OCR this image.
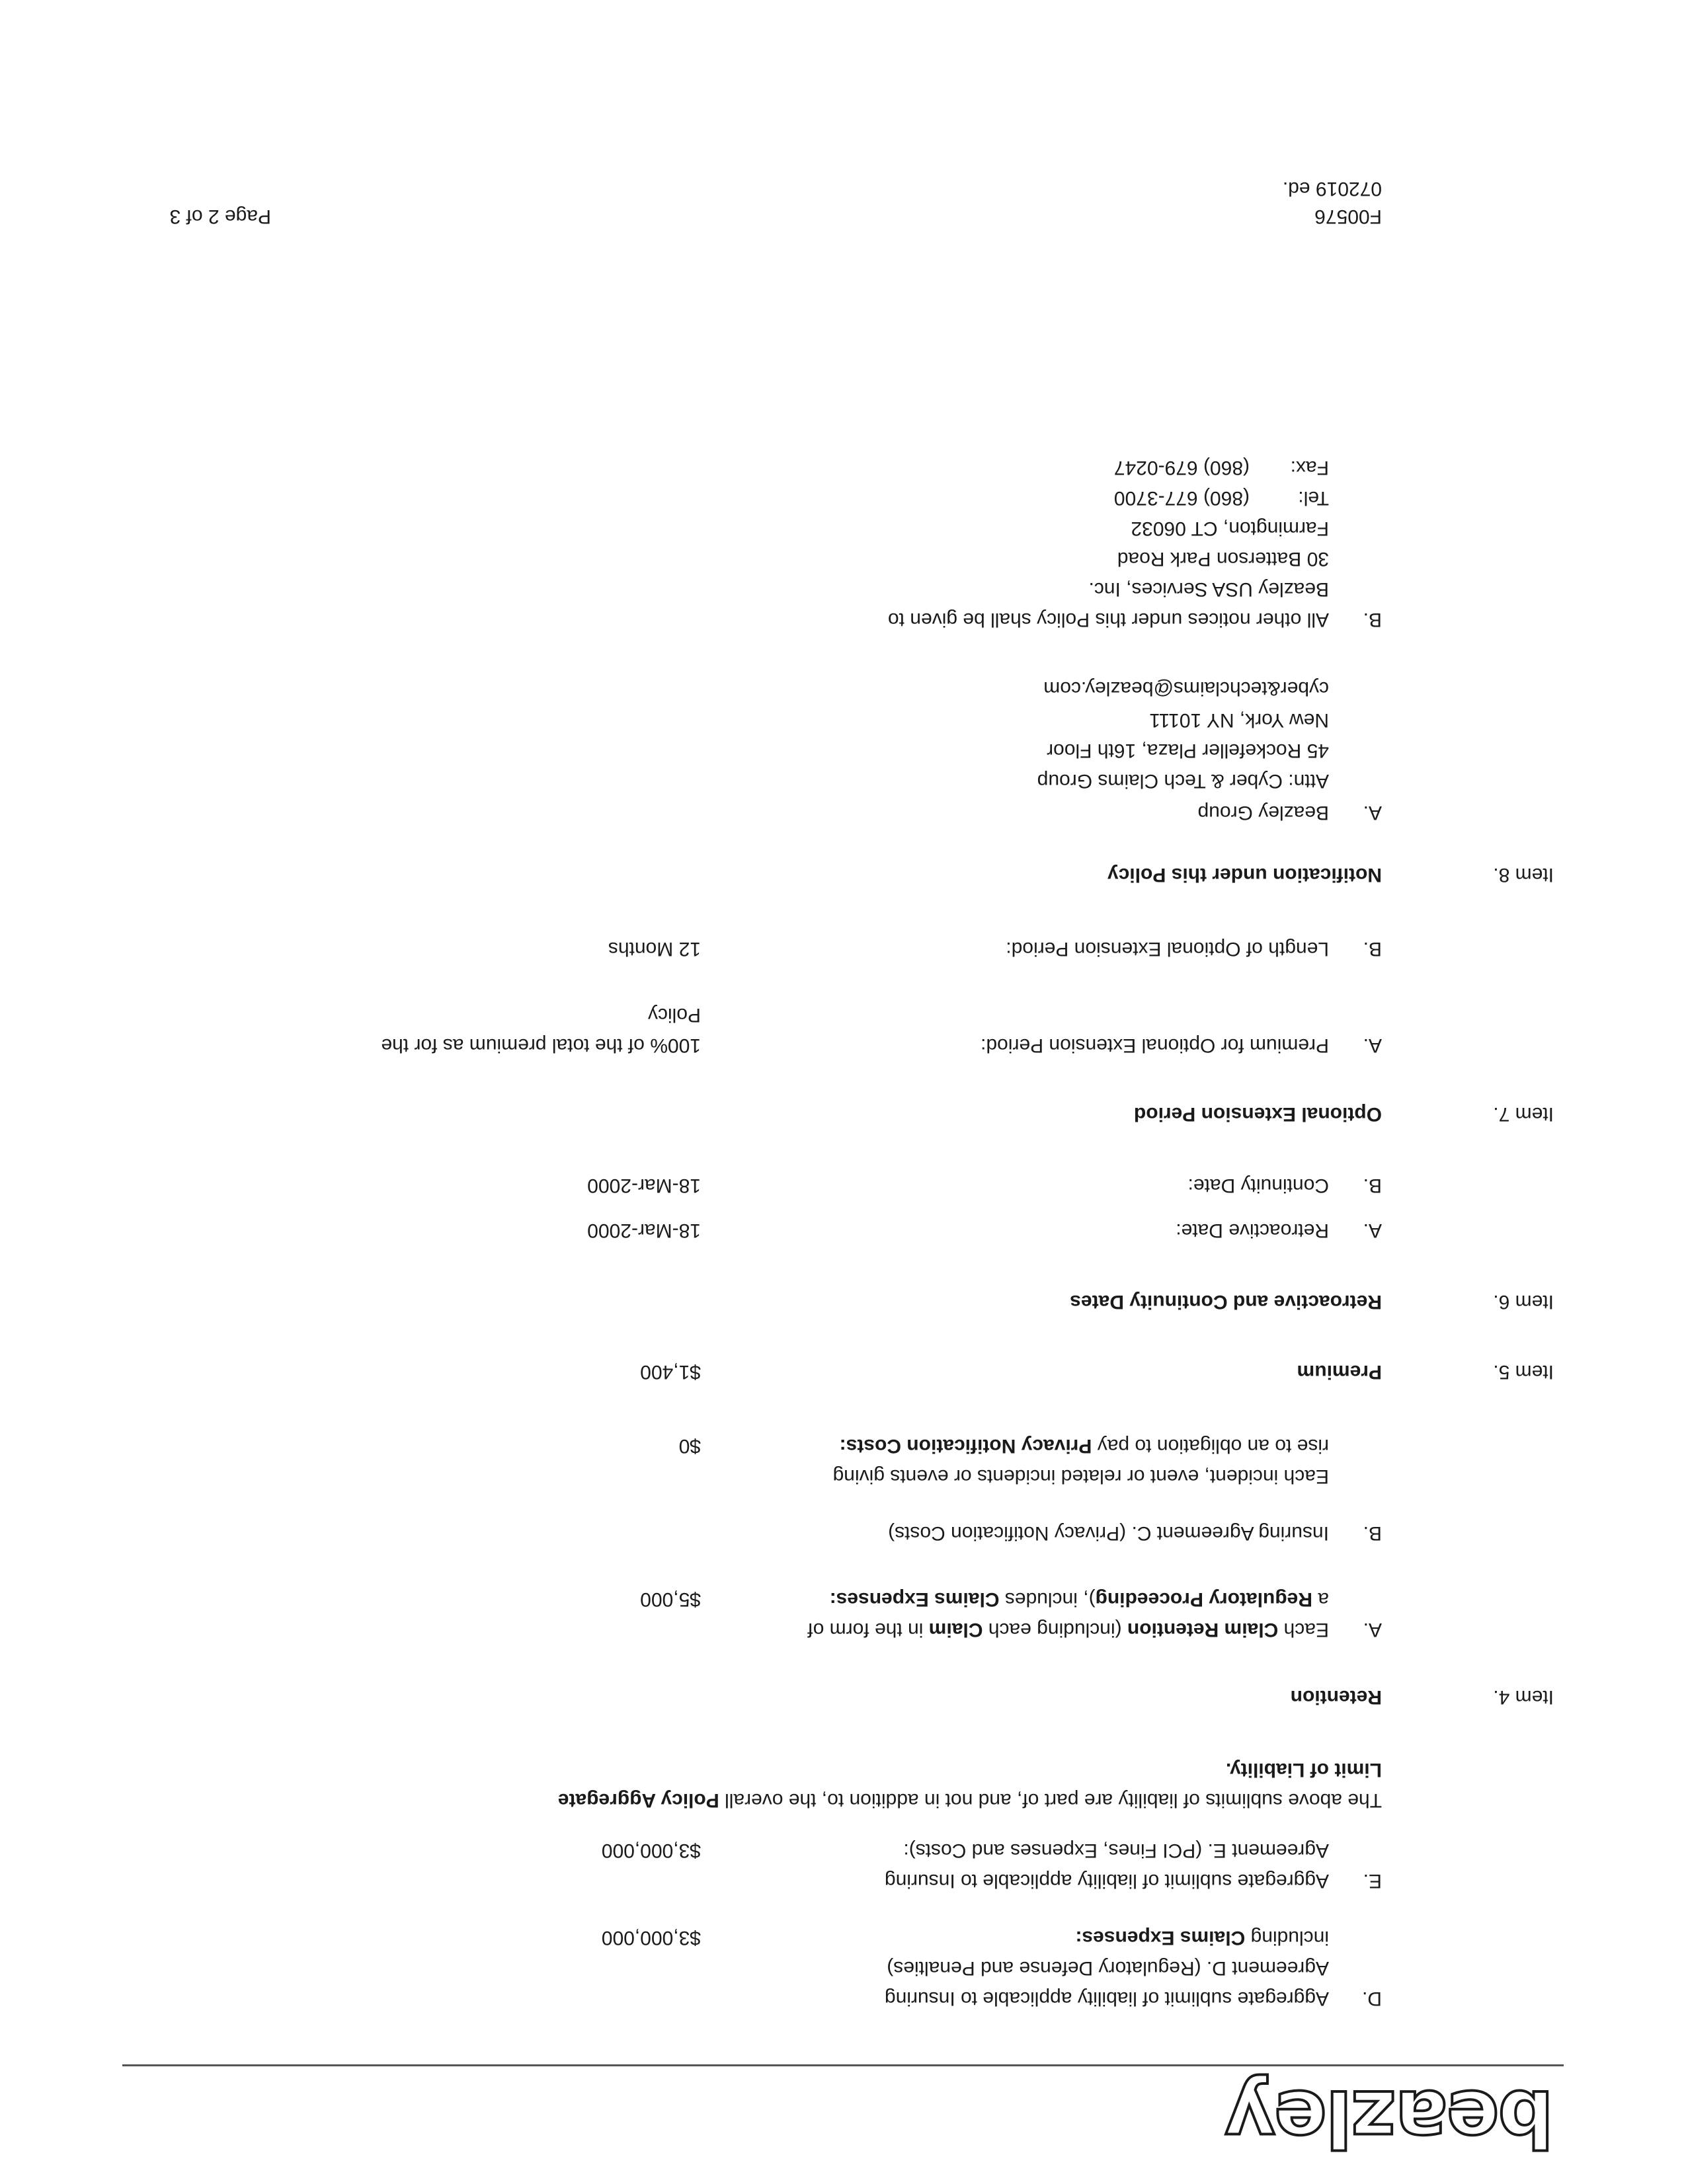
beazley
D.
Aggregate sublimit of liability applicable to Insuring
Agreement D. (Regulatory Defense and Penalties)
including Claims Expenses:
$3,000,000
E.
Aggregate sublimit of liability applicable to Insuring
Agreement E. (PCI Fines, Expenses and Costs):
$3,000,000
The above sublimits of liability are part of, and not in addition to, the overall Policy Aggregate
Limit of Liability.
Item 4.
Retention
A.
Each Claim Retention (including each Claim in the form of
a Regulatory Proceeding), includes Claims Expenses:
$5,000
B.
Insuring Agreement C. (Privacy Notification Costs)
Each incident, event or related incidents or events giving
rise to an obligation to pay Privacy Notification Costs:
$0
Item 5.
Premium
$1,400
Item 6.
Retroactive and Continuity Dates
A.
Retroactive Date:
18-Mar-2000
B.
Continuity Date:
18-Mar-2000
Item 7.
Optional Extension Period
A.
Premium for Optional Extension Period:
100% of the total premium as for the
Policy
B.
Length of Optional Extension Period:
12 Months
Item 8.
Notification under this Policy
A.
Beazley Group
Attn: Cyber & Tech Claims Group
45 Rockefeller Plaza, 16th Floor
New York, NY 10111
cyber&techclaims@beazley.com
B.
All other notices under this Policy shall be given to
Beazley USA Services, Inc.
30 Batterson Park Road
Farmington, CT 06032
Tel:
(860) 677-3700
Fax:
(860) 679-0247
F00576
072019 ed.
Page 2 of 3
